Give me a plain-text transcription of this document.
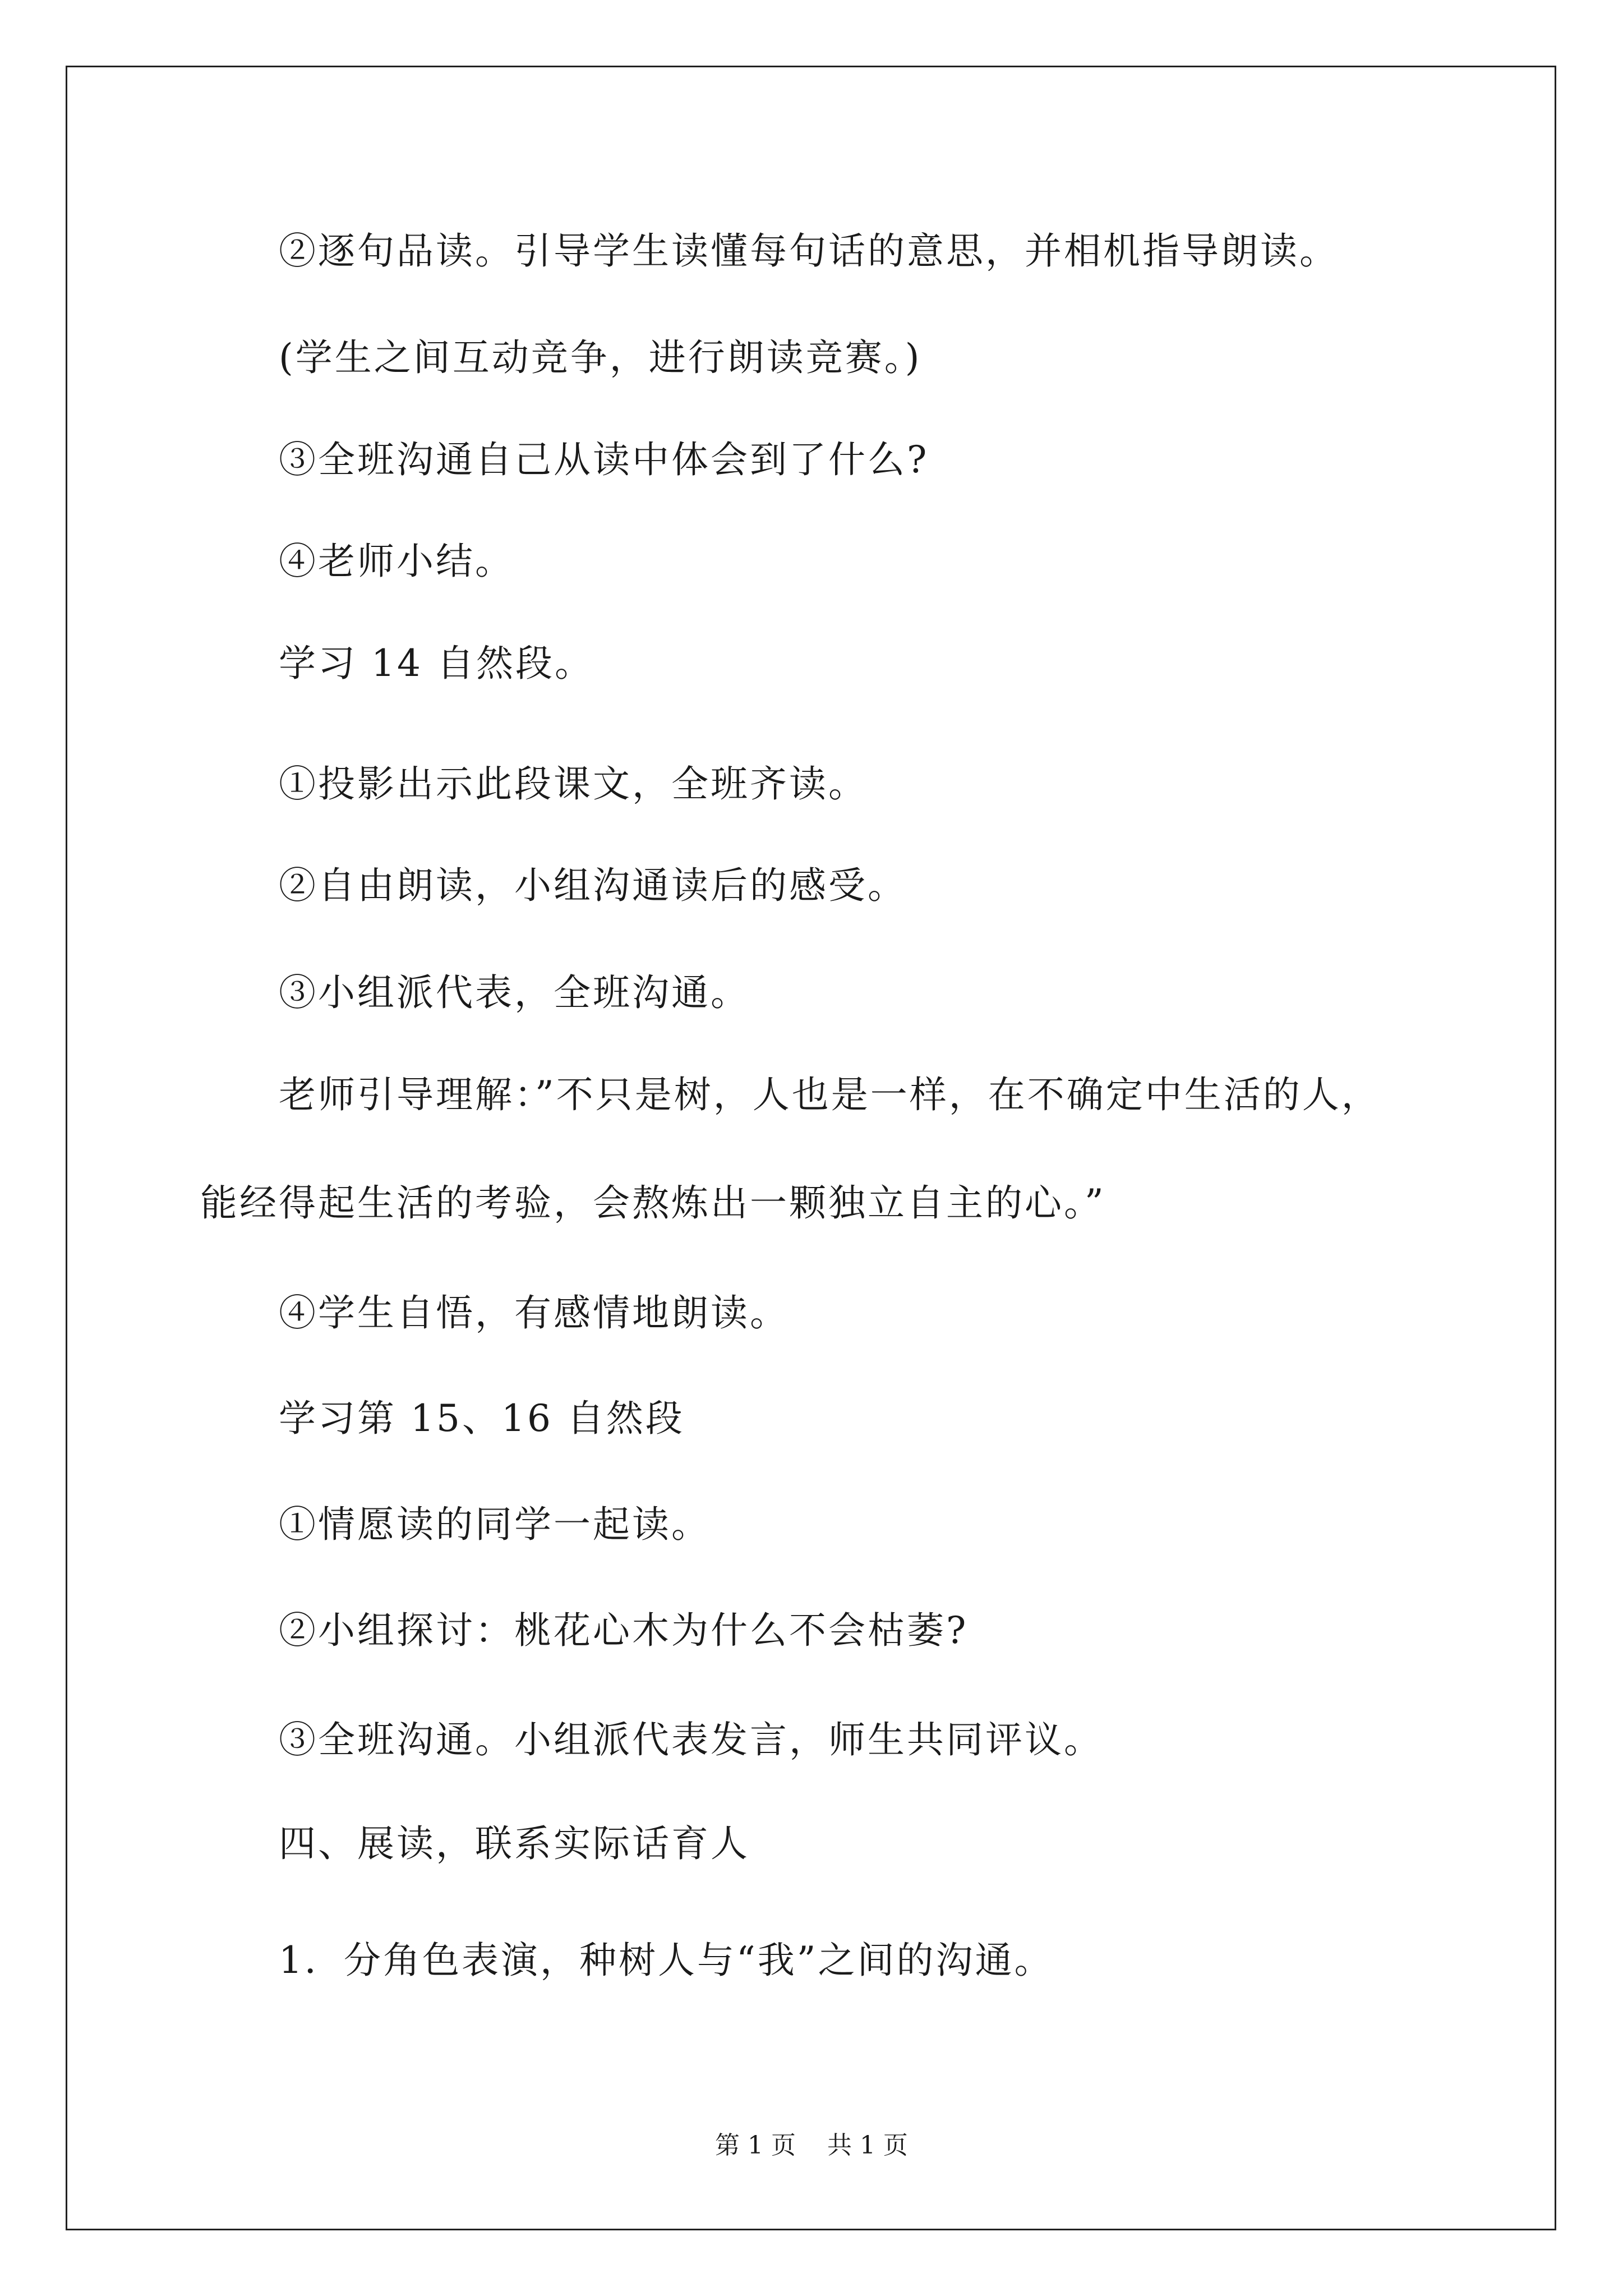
②逐句品读。引导学生读懂每句话的意思，并相机指导朗读。

(学生之间互动竞争，进行朗读竞赛。)

③全班沟通自己从读中体会到了什么?

④老师小结。

学习 14 自然段。

①投影出示此段课文，全班齐读。

②自由朗读，小组沟通读后的感受。

③小组派代表，全班沟通。

老师引导理解：”不只是树，人也是一样，在不确定中生活的人，

能经得起生活的考验，会熬炼出一颗独立自主的心。”

④学生自悟，有感情地朗读。

学习第 15、16 自然段

①情愿读的同学一起读。

②小组探讨：桃花心木为什么不会枯萎?

③全班沟通。小组派代表发言，师生共同评议。

四、展读，联系实际话育人

1．分角色表演，种树人与“我”之间的沟通。

第 1 页    共 1 页
